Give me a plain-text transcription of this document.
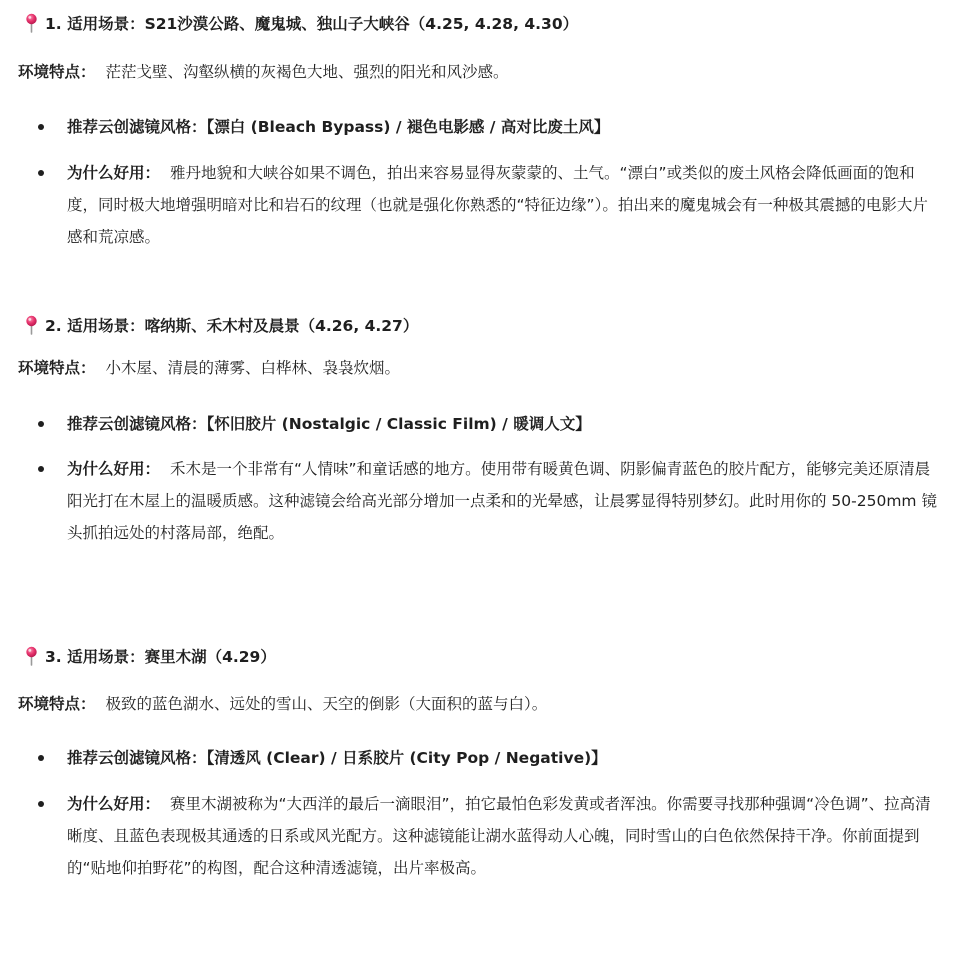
1. 适用场景：S21沙漠公路、魔鬼城、独山子大峡谷（4.25, 4.28, 4.30）
环境特点： 茫茫戈壁、沟壑纵横的灰褐色大地、强烈的阳光和风沙感。
推荐云创滤镜风格：【漂白 (Bleach Bypass) / 褪色电影感 / 高对比废土风】
为什么好用： 雅丹地貌和大峡谷如果不调色，拍出来容易显得灰蒙蒙的、土气。“漂白”或类似的废土风格会降低画面的饱和度，同时极大地增强明暗对比和岩石的纹理（也就是强化你熟悉的“特征边缘”）。拍出来的魔鬼城会有一种极其震撼的电影大片感和荒凉感。
2. 适用场景：喀纳斯、禾木村及晨景（4.26, 4.27）
环境特点： 小木屋、清晨的薄雾、白桦林、袅袅炊烟。
推荐云创滤镜风格：【怀旧胶片 (Nostalgic / Classic Film) / 暖调人文】
为什么好用： 禾木是一个非常有“人情味”和童话感的地方。使用带有暖黄色调、阴影偏青蓝色的胶片配方，能够完美还原清晨阳光打在木屋上的温暖质感。这种滤镜会给高光部分增加一点柔和的光晕感，让晨雾显得特别梦幻。此时用你的 50-250mm 镜头抓拍远处的村落局部，绝配。
3. 适用场景：赛里木湖（4.29）
环境特点： 极致的蓝色湖水、远处的雪山、天空的倒影（大面积的蓝与白）。
推荐云创滤镜风格：【清透风 (Clear) / 日系胶片 (City Pop / Negative)】
为什么好用： 赛里木湖被称为“大西洋的最后一滴眼泪”，拍它最怕色彩发黄或者浑浊。你需要寻找那种强调“冷色调”、拉高清晰度、且蓝色表现极其通透的日系或风光配方。这种滤镜能让湖水蓝得动人心魄，同时雪山的白色依然保持干净。你前面提到的“贴地仰拍野花”的构图，配合这种清透滤镜，出片率极高。
